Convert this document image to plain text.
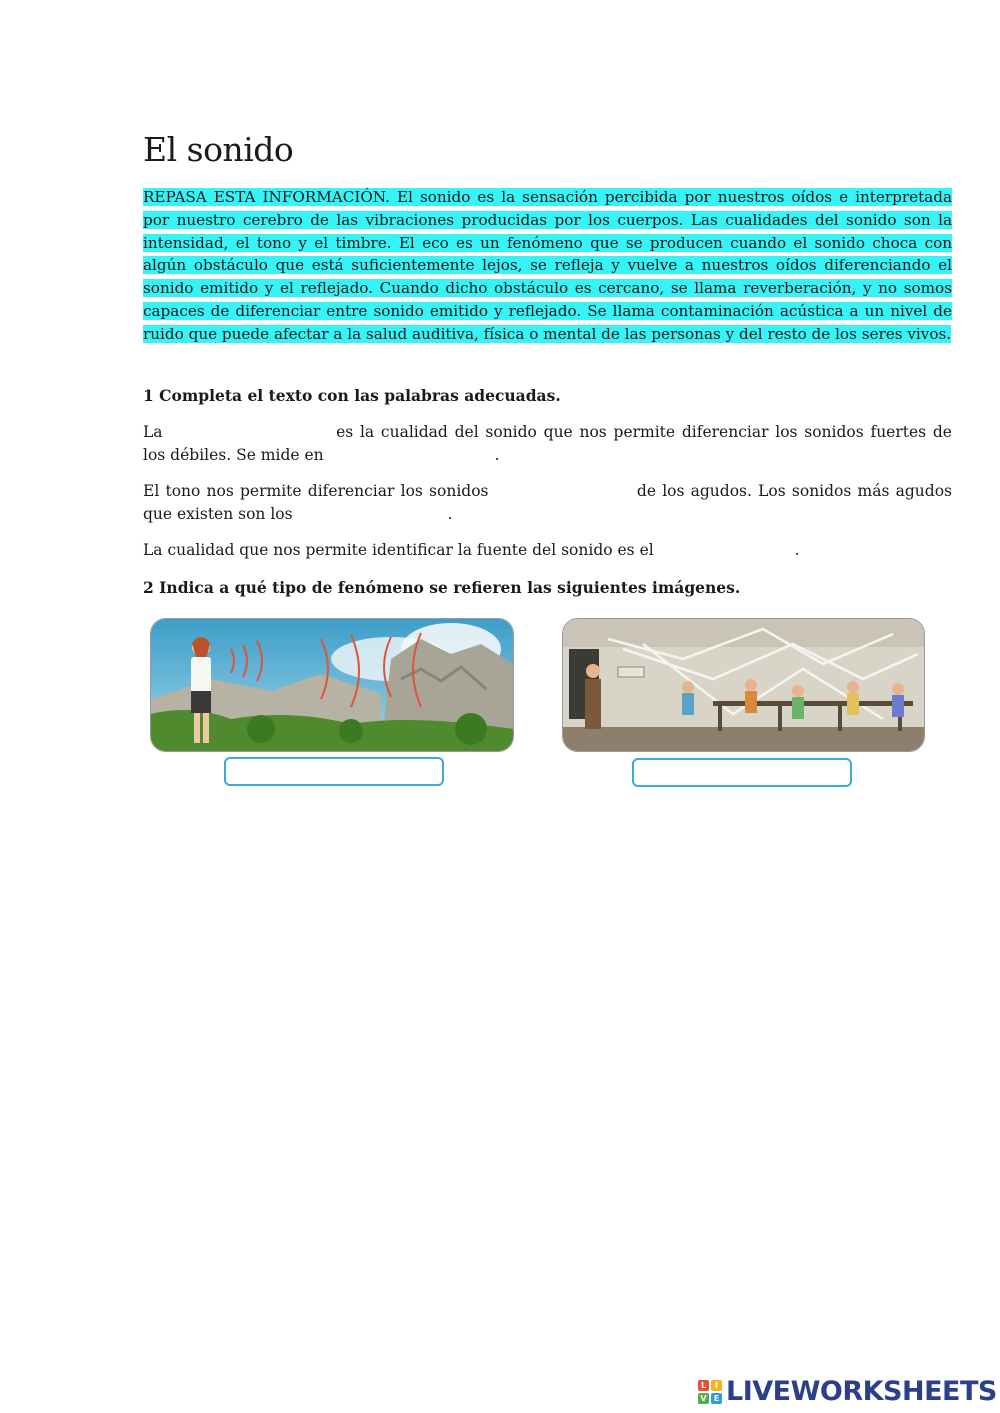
El sonido

REPASA ESTA INFORMACIÓN. El sonido es la sensación percibida por nuestros oídos e interpretada por nuestro cerebro de las vibraciones producidas por los cuerpos. Las cualidades del sonido son la intensidad, el tono y el timbre. El eco es un fenómeno que se producen cuando el sonido choca con algún obstáculo que está suficientemente lejos, se refleja y vuelve a nuestros oídos diferenciando el sonido emitido y el reflejado. Cuando dicho obstáculo es cercano, se llama reverberación, y no somos capaces de diferenciar entre sonido emitido y reflejado. Se llama contaminación acústica a un nivel de ruido que puede afectar a la salud auditiva, física o mental de las personas y del resto de los seres vivos.

1 Completa el texto con las palabras adecuadas.

La	es la cualidad del sonido que nos permite diferenciar los sonidos fuertes de los débiles. Se mide en	.

El tono nos permite diferenciar los sonidos	de los agudos. Los sonidos más agudos que existen son los	.

La cualidad que nos permite identificar la fuente del sonido es el	.

2 Indica a qué tipo de fenómeno se refieren las siguientes imágenes.

L	I
V E LIVEWORKSHEETS
